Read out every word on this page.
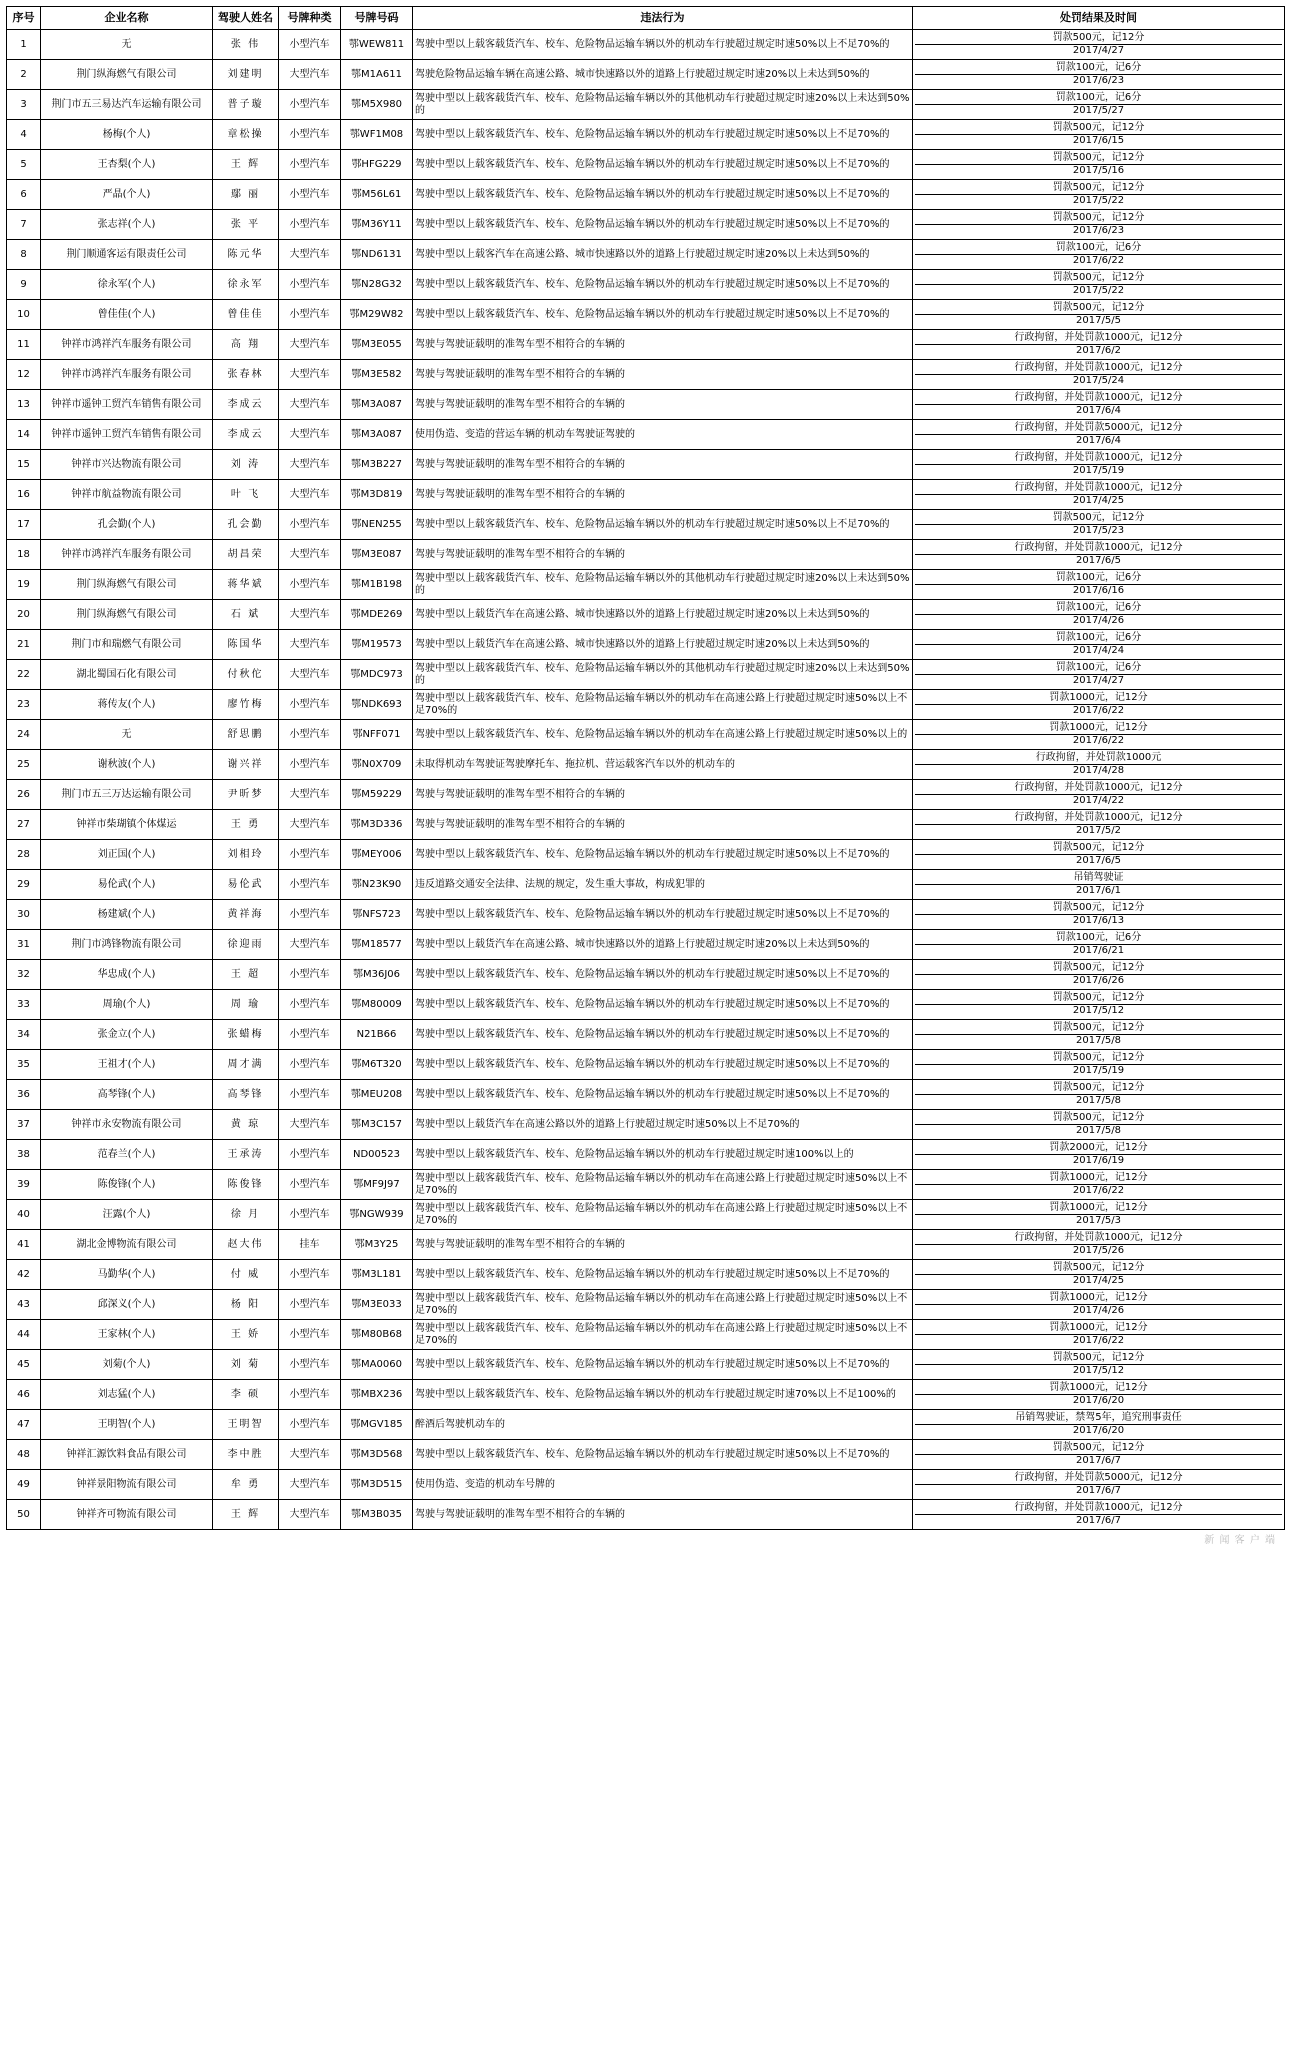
序号	企业名称	驾驶人姓名	号牌种类	号牌号码	违法行为	处罚结果及时间
1	无	张 伟	小型汽车	鄂WEW811	驾驶中型以上载客载货汽车、校车、危险物品运输车辆以外的机动车行驶超过规定时速50%以上不足70%的	罚款500元，记12分
2017/4/27

2	荆门纵海燃气有限公司	刘建明	大型汽车	鄂M1A611	驾驶危险物品运输车辆在高速公路、城市快速路以外的道路上行驶超过规定时速20%以上未达到50%的	罚款100元，记6分
2017/6/23

3	荆门市五三易达汽车运输有限公司	普子璇	小型汽车	鄂M5X980	驾驶中型以上载客载货汽车、校车、危险物品运输车辆以外的其他机动车行驶超过规定时速20%以上未达到50%的	罚款100元，记6分
2017/5/27

4	杨梅(个人)	章松操	小型汽车	鄂WF1M08	驾驶中型以上载客载货汽车、校车、危险物品运输车辆以外的机动车行驶超过规定时速50%以上不足70%的	罚款500元，记12分
2017/6/15

5	王杏梨(个人)	王 辉	小型汽车	鄂HFG229	驾驶中型以上载客载货汽车、校车、危险物品运输车辆以外的机动车行驶超过规定时速50%以上不足70%的	罚款500元，记12分
2017/5/16

6	严晶(个人)	鄢 丽	小型汽车	鄂M56L61	驾驶中型以上载客载货汽车、校车、危险物品运输车辆以外的机动车行驶超过规定时速50%以上不足70%的	罚款500元，记12分
2017/5/22

7	张志祥(个人)	张 平	小型汽车	鄂M36Y11	驾驶中型以上载客载货汽车、校车、危险物品运输车辆以外的机动车行驶超过规定时速50%以上不足70%的	罚款500元，记12分
2017/6/23

8	荆门顺通客运有限责任公司	陈元华	大型汽车	鄂ND6131	驾驶中型以上载客汽车在高速公路、城市快速路以外的道路上行驶超过规定时速20%以上未达到50%的	罚款100元，记6分
2017/6/22

9	徐永军(个人)	徐永军	小型汽车	鄂N28G32	驾驶中型以上载客载货汽车、校车、危险物品运输车辆以外的机动车行驶超过规定时速50%以上不足70%的	罚款500元，记12分
2017/5/22

10	曾佳佳(个人)	曾佳佳	小型汽车	鄂M29W82	驾驶中型以上载客载货汽车、校车、危险物品运输车辆以外的机动车行驶超过规定时速50%以上不足70%的	罚款500元，记12分
2017/5/5

11	钟祥市鸿祥汽车服务有限公司	高 翔	大型汽车	鄂M3E055	驾驶与驾驶证载明的准驾车型不相符合的车辆的	行政拘留，并处罚款1000元，记12分
2017/6/2

12	钟祥市鸿祥汽车服务有限公司	张春林	大型汽车	鄂M3E582	驾驶与驾驶证载明的准驾车型不相符合的车辆的	行政拘留，并处罚款1000元，记12分
2017/5/24

13	钟祥市遥钟工贸汽车销售有限公司	李成云	大型汽车	鄂M3A087	驾驶与驾驶证载明的准驾车型不相符合的车辆的	行政拘留，并处罚款1000元，记12分
2017/6/4

14	钟祥市遥钟工贸汽车销售有限公司	李成云	大型汽车	鄂M3A087	使用伪造、变造的营运车辆的机动车驾驶证驾驶的	行政拘留，并处罚款5000元，记12分
2017/6/4

15	钟祥市兴达物流有限公司	刘 涛	大型汽车	鄂M3B227	驾驶与驾驶证载明的准驾车型不相符合的车辆的	行政拘留，并处罚款1000元，记12分
2017/5/19

16	钟祥市航益物流有限公司	叶 飞	大型汽车	鄂M3D819	驾驶与驾驶证载明的准驾车型不相符合的车辆的	行政拘留，并处罚款1000元，记12分
2017/4/25

17	孔会勤(个人)	孔会勤	小型汽车	鄂NEN255	驾驶中型以上载客载货汽车、校车、危险物品运输车辆以外的机动车行驶超过规定时速50%以上不足70%的	罚款500元，记12分
2017/5/23

18	钟祥市鸿祥汽车服务有限公司	胡昌荣	大型汽车	鄂M3E087	驾驶与驾驶证载明的准驾车型不相符合的车辆的	行政拘留，并处罚款1000元，记12分
2017/6/5

19	荆门纵海燃气有限公司	蒋华斌	小型汽车	鄂M1B198	驾驶中型以上载客载货汽车、校车、危险物品运输车辆以外的其他机动车行驶超过规定时速20%以上未达到50%的	罚款100元，记6分
2017/6/16

20	荆门纵海燃气有限公司	石 斌	大型汽车	鄂MDE269	驾驶中型以上载货汽车在高速公路、城市快速路以外的道路上行驶超过规定时速20%以上未达到50%的	罚款100元，记6分
2017/4/26

21	荆门市和瑞燃气有限公司	陈国华	大型汽车	鄂M19573	驾驶中型以上载货汽车在高速公路、城市快速路以外的道路上行驶超过规定时速20%以上未达到50%的	罚款100元，记6分
2017/4/24

22	湖北蜀国石化有限公司	付秋佗	大型汽车	鄂MDC973	驾驶中型以上载客载货汽车、校车、危险物品运输车辆以外的其他机动车行驶超过规定时速20%以上未达到50%的	罚款100元，记6分
2017/4/27

23	蒋传友(个人)	廖竹梅	小型汽车	鄂NDK693	驾驶中型以上载客载货汽车、校车、危险物品运输车辆以外的机动车在高速公路上行驶超过规定时速50%以上不足70%的	罚款1000元，记12分
2017/6/22

24	无	舒思鹏	小型汽车	鄂NFF071	驾驶中型以上载客载货汽车、校车、危险物品运输车辆以外的机动车在高速公路上行驶超过规定时速50%以上的	罚款1000元，记12分
2017/6/22

25	谢秋波(个人)	谢兴祥	小型汽车	鄂N0X709	未取得机动车驾驶证驾驶摩托车、拖拉机、营运载客汽车以外的机动车的	行政拘留，并处罚款1000元
2017/4/28

26	荆门市五三万达运输有限公司	尹昕梦	大型汽车	鄂M59229	驾驶与驾驶证载明的准驾车型不相符合的车辆的	行政拘留，并处罚款1000元，记12分
2017/4/22

27	钟祥市柴瑚镇个体煤运	王 勇	大型汽车	鄂M3D336	驾驶与驾驶证载明的准驾车型不相符合的车辆的	行政拘留，并处罚款1000元，记12分
2017/5/2

28	刘正国(个人)	刘相玲	小型汽车	鄂MEY006	驾驶中型以上载客载货汽车、校车、危险物品运输车辆以外的机动车行驶超过规定时速50%以上不足70%的	罚款500元，记12分
2017/6/5

29	易伦武(个人)	易伦武	小型汽车	鄂N23K90	违反道路交通安全法律、法规的规定，发生重大事故，构成犯罪的	吊销驾驶证
2017/6/1

30	杨建斌(个人)	黄祥海	小型汽车	鄂NFS723	驾驶中型以上载客载货汽车、校车、危险物品运输车辆以外的机动车行驶超过规定时速50%以上不足70%的	罚款500元，记12分
2017/6/13

31	荆门市鸿锋物流有限公司	徐迎雨	大型汽车	鄂M18577	驾驶中型以上载货汽车在高速公路、城市快速路以外的道路上行驶超过规定时速20%以上未达到50%的	罚款100元，记6分
2017/6/21

32	华忠成(个人)	王 超	小型汽车	鄂M36J06	驾驶中型以上载客载货汽车、校车、危险物品运输车辆以外的机动车行驶超过规定时速50%以上不足70%的	罚款500元，记12分
2017/6/26

33	周瑜(个人)	周 瑜	小型汽车	鄂M80009	驾驶中型以上载客载货汽车、校车、危险物品运输车辆以外的机动车行驶超过规定时速50%以上不足70%的	罚款500元，记12分
2017/5/12

34	张金立(个人)	张蜡梅	小型汽车	N21B66	驾驶中型以上载客载货汽车、校车、危险物品运输车辆以外的机动车行驶超过规定时速50%以上不足70%的	罚款500元，记12分
2017/5/8

35	王祖才(个人)	周才满	小型汽车	鄂M6T320	驾驶中型以上载客载货汽车、校车、危险物品运输车辆以外的机动车行驶超过规定时速50%以上不足70%的	罚款500元，记12分
2017/5/19

36	高琴锋(个人)	高琴锋	小型汽车	鄂MEU208	驾驶中型以上载客载货汽车、校车、危险物品运输车辆以外的机动车行驶超过规定时速50%以上不足70%的	罚款500元，记12分
2017/5/8

37	钟祥市永安物流有限公司	黄 琼	大型汽车	鄂M3C157	驾驶中型以上载货汽车在高速公路以外的道路上行驶超过规定时速50%以上不足70%的	罚款500元，记12分
2017/5/8

38	范春兰(个人)	王承涛	小型汽车	ND00523	驾驶中型以上载客载货汽车、校车、危险物品运输车辆以外的机动车行驶超过规定时速100%以上的	罚款2000元，记12分
2017/6/19

39	陈俊锋(个人)	陈俊锋	小型汽车	鄂MF9J97	驾驶中型以上载客载货汽车、校车、危险物品运输车辆以外的机动车在高速公路上行驶超过规定时速50%以上不足70%的	罚款1000元，记12分
2017/6/22

40	汪露(个人)	徐 月	小型汽车	鄂NGW939	驾驶中型以上载客载货汽车、校车、危险物品运输车辆以外的机动车在高速公路上行驶超过规定时速50%以上不足70%的	罚款1000元，记12分
2017/5/3

41	湖北金博物流有限公司	赵大伟	挂车	鄂M3Y25	驾驶与驾驶证载明的准驾车型不相符合的车辆的	行政拘留，并处罚款1000元，记12分
2017/5/26

42	马勤华(个人)	付 威	小型汽车	鄂M3L181	驾驶中型以上载客载货汽车、校车、危险物品运输车辆以外的机动车行驶超过规定时速50%以上不足70%的	罚款500元，记12分
2017/4/25

43	邱深义(个人)	杨 阳	小型汽车	鄂M3E033	驾驶中型以上载客载货汽车、校车、危险物品运输车辆以外的机动车在高速公路上行驶超过规定时速50%以上不足70%的	罚款1000元，记12分
2017/4/26

44	王家林(个人)	王 娇	小型汽车	鄂M80B68	驾驶中型以上载客载货汽车、校车、危险物品运输车辆以外的机动车在高速公路上行驶超过规定时速50%以上不足70%的	罚款1000元，记12分
2017/6/22

45	刘菊(个人)	刘 菊	小型汽车	鄂MA0060	驾驶中型以上载客载货汽车、校车、危险物品运输车辆以外的机动车行驶超过规定时速50%以上不足70%的	罚款500元，记12分
2017/5/12

46	刘志猛(个人)	李 硕	小型汽车	鄂MBX236	驾驶中型以上载客载货汽车、校车、危险物品运输车辆以外的机动车行驶超过规定时速70%以上不足100%的	罚款1000元，记12分
2017/6/20

47	王明智(个人)	王明智	小型汽车	鄂MGV185	醉酒后驾驶机动车的	吊销驾驶证，禁驾5年，追究刑事责任
2017/6/20

48	钟祥汇源饮料食品有限公司	李中胜	大型汽车	鄂M3D568	驾驶中型以上载客载货汽车、校车、危险物品运输车辆以外的机动车行驶超过规定时速50%以上不足70%的	罚款500元，记12分
2017/6/7

49	钟祥景阳物流有限公司	牟 勇	大型汽车	鄂M3D515	使用伪造、变造的机动车号牌的	行政拘留，并处罚款5000元，记12分
2017/6/7

50	钟祥齐可物流有限公司	王 辉	大型汽车	鄂M3B035	驾驶与驾驶证载明的准驾车型不相符合的车辆的	行政拘留，并处罚款1000元，记12分
2017/6/7
新 闻 客 户 端
